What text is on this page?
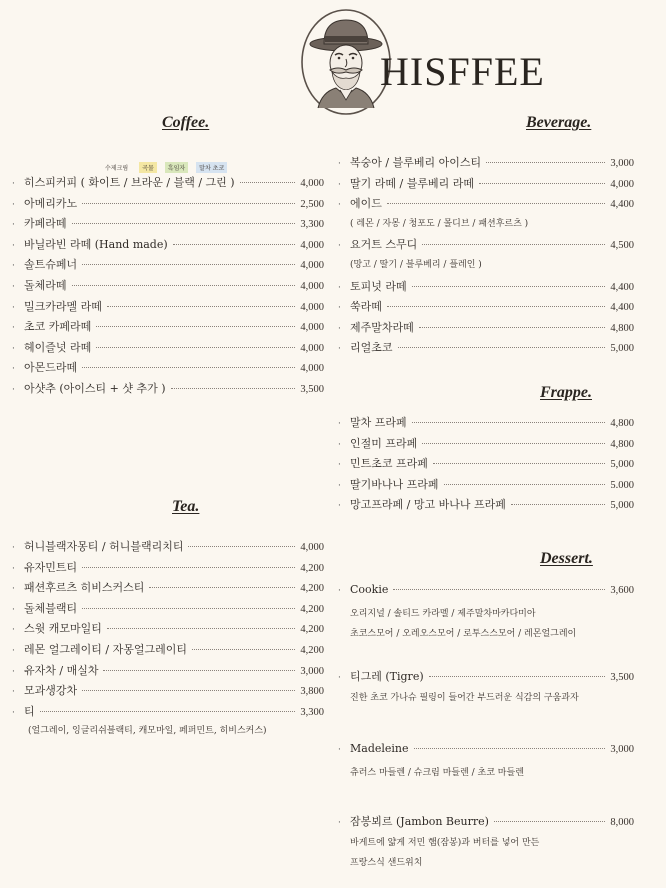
HISFFEE
Coffee.
수제크림	곡물	흑임자	말차 초코
· 히스피커피 ( 화이트 / 브라운 / 블랙 / 그린 )	4,000
· 아메리카노	2,500
· 카페라떼	3,300
· 바닐라빈 라떼 (Hand made)	4,000
· 솔트슈페너	4,000
· 돌체라떼	4,000
· 밀크카라멜 라떼	4,000
· 초코 카페라떼	4,000
· 헤이즐넛 라떼	4,000
· 아몬드라떼	4,000
· 아샷추 (아이스티 + 샷 추가 )	3,500
Tea.
· 허니블랙자몽티 / 허니블랙리치티	4,000
· 유자민트티	4,200
· 패션후르츠 히비스커스티	4,200
· 돌체블랙티	4,200
· 스윗 캐모마일티	4,200
· 레몬 얼그레이티 / 자몽얼그레이티	4,200
· 유자차 / 매실차	3,000
· 모과생강차	3,800
· 티	3,300
(얼그레이, 잉글리쉬블랙티, 캐모마일, 페퍼민트, 히비스커스)
Beverage.
· 복숭아 / 블루베리 아이스티	3,000
· 딸기 라떼 / 블루베리 라떼	4,000
· 에이드	4,400
( 레몬 / 자몽 / 청포도 / 몰디브 / 패션후르츠 )
· 요거트 스무디	4,500
(망고 / 딸기 / 블루베리 / 플레인 )
· 토피넛 라떼	4,400
· 쑥라떼	4,400
· 제주말차라떼	4,800
· 리얼초코	5,000
Frappe.
· 말차 프라페	4,800
· 인절미 프라페	4,800
· 민트초코 프라페	5,000
· 딸기바나나 프라페	5.000
· 망고프라페 / 망고 바나나 프라페	5,000
Dessert.
· Cookie	3,600
오리지널 / 솔티드 카라멜 / 제주말차마카다미아
초코스모어 / 오레오스모어 / 로투스스모어 / 레몬얼그레이
· 티그레 (Tigre)	3,500
진한 초코 가나슈 필링이 들어간 부드러운 식감의 구움과자
· Madeleine	3,000
츄러스 마들렌 / 슈크림 마들렌 / 초코 마들렌
· 잠봉뵈르 (Jambon Beurre)	8,000
바게트에 얇게 저민 햄(잠봉)과 버터를 넣어 만든
프랑스식 샌드위치
